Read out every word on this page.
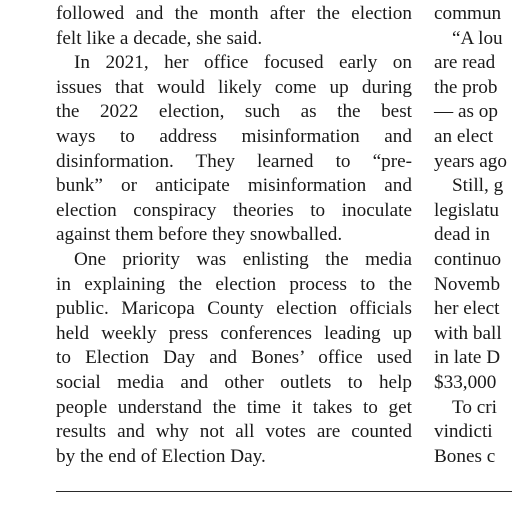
followed and the month after the election
felt like a decade, she said.
In 2021, her office focused early on
issues that would likely come up during
the 2022 election, such as the best
ways to address misinformation and
disinformation. They learned to “pre-
bunk” or anticipate misinformation and
election conspiracy theories to inoculate
against them before they snowballed.
One priority was enlisting the media
in explaining the election process to the
public. Maricopa County election officials
held weekly press conferences leading up
to Election Day and Bones’ office used
social media and other outlets to help
people understand the time it takes to get
results and why not all votes are counted
by the end of Election Day.
commun
“A lou
are read
the prob
— as op
an elect
years ago
Still, g
legislatu
dead in
continuo
Novemb
her elect
with ball
in late D
$33,000
To cri
vindicti
Bones c
